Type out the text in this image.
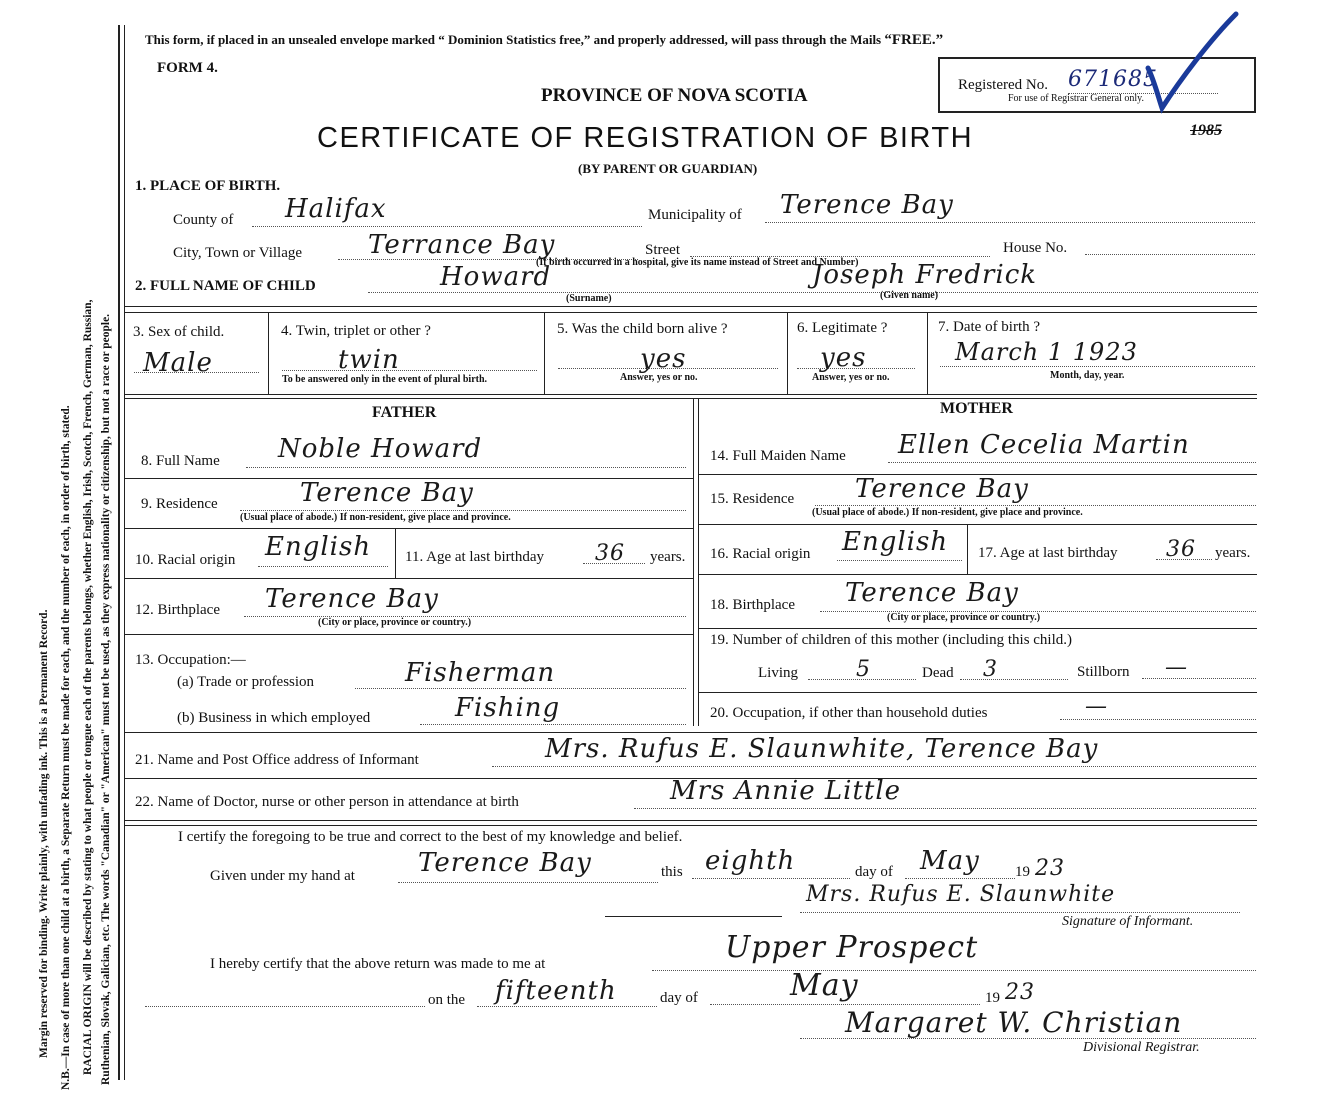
Margin reserved for binding. Write plainly, with unfading ink. This is a Permanent Record. N.B.—In case of more than one child at a birth, a Separate Return must be made for each, and the number of each, in order of birth, stated. RACIAL ORIGIN will be described by stating to what people or tongue each of the parents belongs, whether English, Irish, Scotch, French, German, Russian, Ruthenian, Slovak, Galician, etc. The words "Canadian" or "American" must not be used, as they express nationality or citizenship, but not a race or people.
This form, if placed in an unsealed envelope marked “ Dominion Statistics free,” and properly addressed, will pass through the Mails “FREE.”
FORM 4.
PROVINCE OF NOVA SCOTIA	Registered No. 671685
For use of Registrar General only.
1985
CERTIFICATE OF REGISTRATION OF BIRTH
(BY PARENT OR GUARDIAN)
1. PLACE OF BIRTH.
County of Halifax	Municipality of Terence Bay
City, Town or Village	Terrance Bay	Street	House No.
(If birth occurred in a hospital, give its name instead of Street and Number)
2. FULL NAME OF CHILD	Howard
(Surname)
Joseph Fredrick
(Given name)
3. Sex of child.
Male
4. Twin, triplet or other ?
twin
To be answered only in the event of plural birth.
5. Was the child born alive ?
yes
Answer, yes or no.
6. Legitimate ?
yes
Answer, yes or no.
7. Date of birth ?
March 1 1923
Month, day, year.
FATHER	MOTHER
8. Full Name Noble Howard
9. Residence	Terence Bay
(Usual place of abode.) If non-resident, give place and province.
10. Racial origin English 11. Age at last birthday 36 years.
12. Birthplace Terence Bay
(City or place, province or country.)
13. Occupation:—
(a) Trade or profession	Fisherman
(b) Business in which employed	Fishing
14. Full Maiden Name Ellen Cecelia Martin
15. Residence Terence Bay
(Usual place of abode.) If non-resident, give place and province.
16. Racial origin English 17. Age at last birthday 36 years.
18. Birthplace Terence Bay
(City or place, province or country.)
19. Number of children of this mother (including this child.)
Living	5	Dead 3	Stillborn —
20. Occupation, if other than household duties	—
21. Name and Post Office address of Informant	Mrs. Rufus E. Slaunwhite, Terence Bay
22. Name of Doctor, nurse or other person in attendance at birth	Mrs Annie Little
I certify the foregoing to be true and correct to the best of my knowledge and belief.
Given under my hand at Terence Bay	this eighth	day of May 19 23
Mrs. Rufus E. Slaunwhite
Signature of Informant.
I hereby certify that the above return was made to me at	Upper Prospect
on the fifteenth	day of	May	19 23
Margaret W. Christian
Divisional Registrar.
